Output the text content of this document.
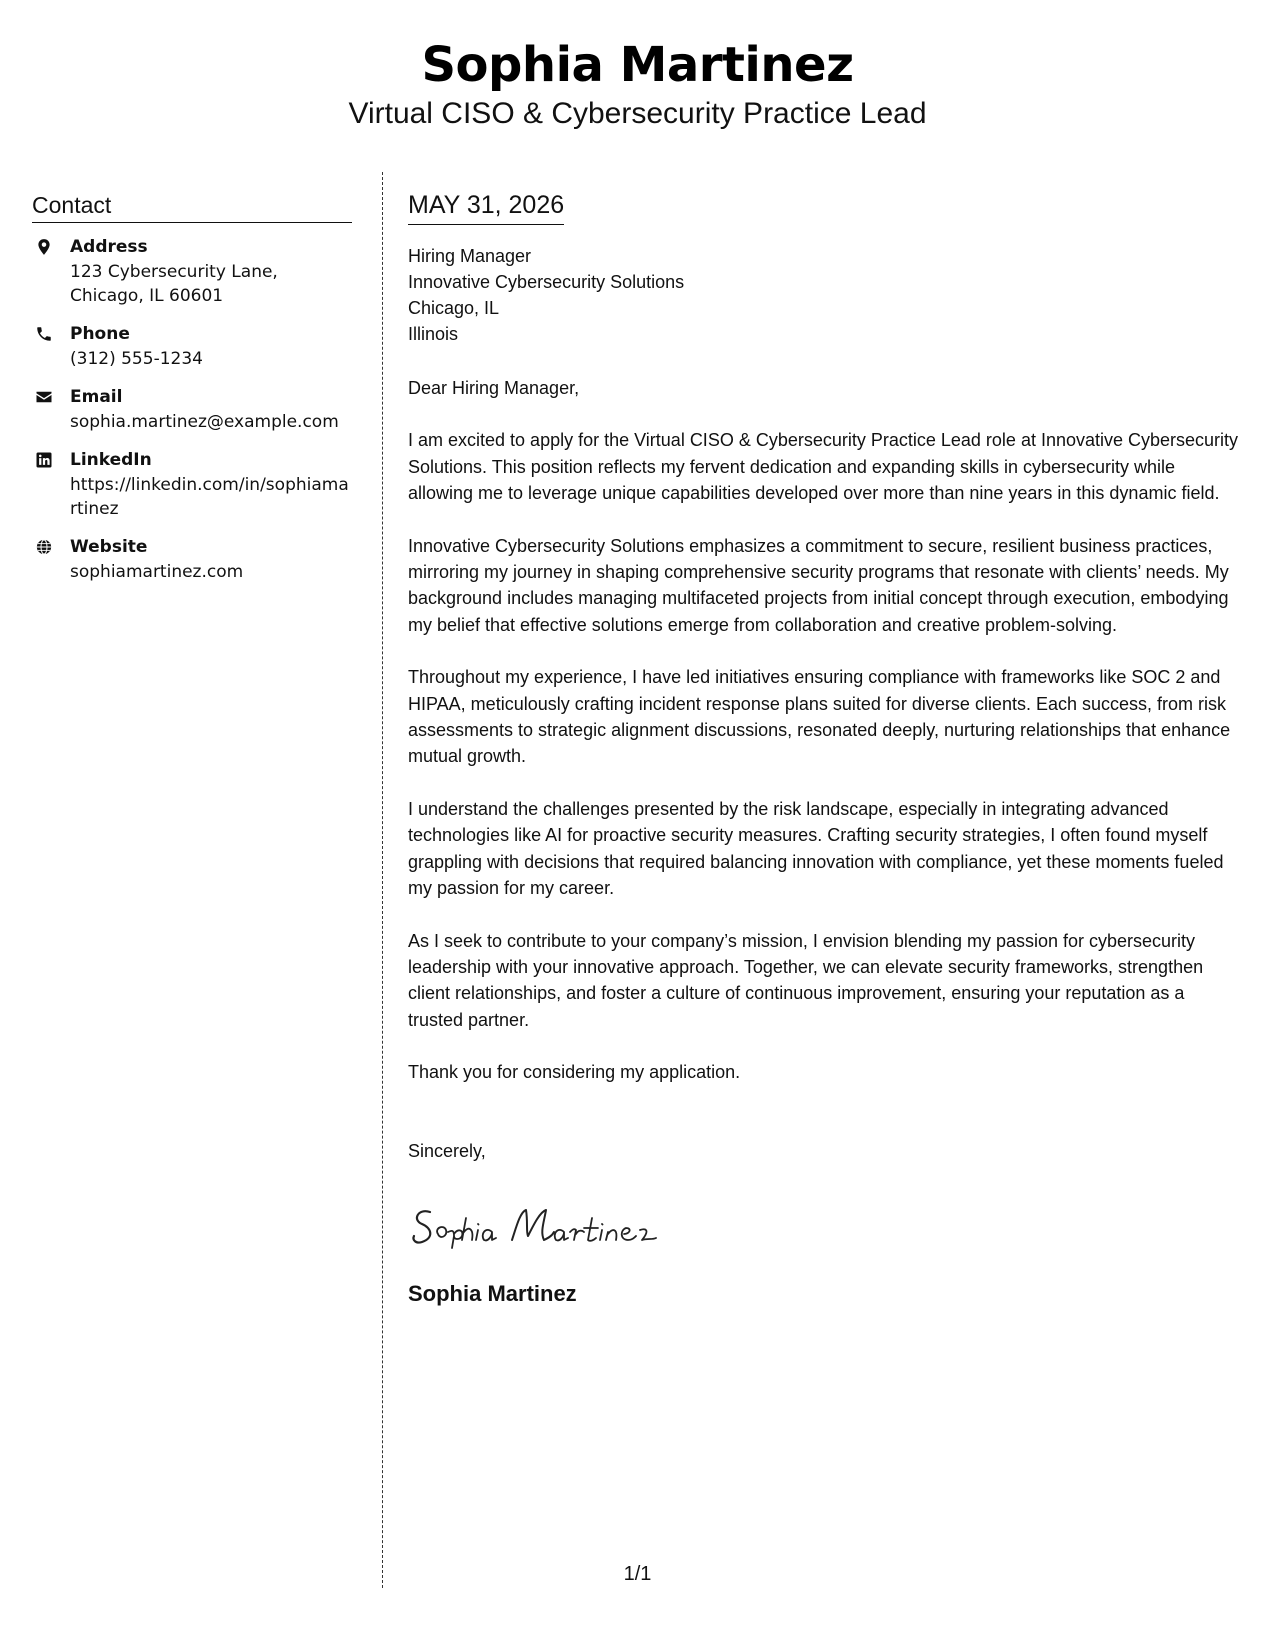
Sophia Martinez
Virtual CISO & Cybersecurity Practice Lead
Contact
Address
123 Cybersecurity Lane, Chicago, IL 60601
Phone
(312) 555-1234
Email
sophia.martinez@example.com
LinkedIn
https://linkedin.com/in/sophiamartinez
Website
sophiamartinez.com
MAY 31, 2026
Hiring Manager
Innovative Cybersecurity Solutions
Chicago, IL
Illinois
Dear Hiring Manager,
I am excited to apply for the Virtual CISO & Cybersecurity Practice Lead role at Innovative Cybersecurity Solutions. This position reflects my fervent dedication and expanding skills in cybersecurity while allowing me to leverage unique capabilities developed over more than nine years in this dynamic field.
Innovative Cybersecurity Solutions emphasizes a commitment to secure, resilient business practices, mirroring my journey in shaping comprehensive security programs that resonate with clients’ needs. My background includes managing multifaceted projects from initial concept through execution, embodying my belief that effective solutions emerge from collaboration and creative problem-solving.
Throughout my experience, I have led initiatives ensuring compliance with frameworks like SOC 2 and HIPAA, meticulously crafting incident response plans suited for diverse clients. Each success, from risk assessments to strategic alignment discussions, resonated deeply, nurturing relationships that enhance mutual growth.
I understand the challenges presented by the risk landscape, especially in integrating advanced technologies like AI for proactive security measures. Crafting security strategies, I often found myself grappling with decisions that required balancing innovation with compliance, yet these moments fueled my passion for my career.
As I seek to contribute to your company’s mission, I envision blending my passion for cybersecurity leadership with your innovative approach. Together, we can elevate security frameworks, strengthen client relationships, and foster a culture of continuous improvement, ensuring your reputation as a trusted partner.
Thank you for considering my application.
Sincerely,
Sophia Martinez
1/1
